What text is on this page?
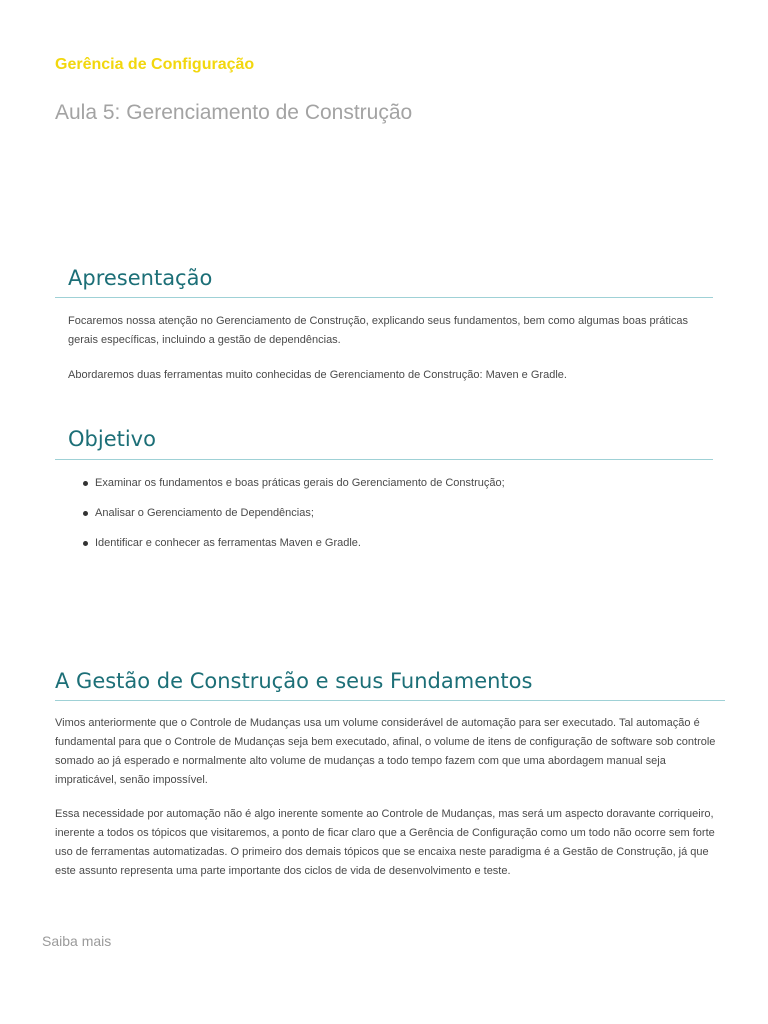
Gerência de Configuração
Aula 5: Gerenciamento de Construção
Apresentação

Focaremos nossa atenção no Gerenciamento de Construção, explicando seus fundamentos, bem como algumas boas práticas gerais específicas, incluindo a gestão de dependências.

Abordaremos duas ferramentas muito conhecidas de Gerenciamento de Construção: Maven e Gradle.

Objetivo
Examinar os fundamentos e boas práticas gerais do Gerenciamento de Construção;
Analisar o Gerenciamento de Dependências;
Identificar e conhecer as ferramentas Maven e Gradle.
A Gestão de Construção e seus Fundamentos

Vimos anteriormente que o Controle de Mudanças usa um volume considerável de automação para ser executado. Tal automação é fundamental para que o Controle de Mudanças seja bem executado, afinal, o volume de itens de configuração de software sob controle somado ao já esperado e normalmente alto volume de mudanças a todo tempo fazem com que uma abordagem manual seja impraticável, senão impossível.

Essa necessidade por automação não é algo inerente somente ao Controle de Mudanças, mas será um aspecto doravante corriqueiro, inerente a todos os tópicos que visitaremos, a ponto de ficar claro que a Gerência de Configuração como um todo não ocorre sem forte uso de ferramentas automatizadas. O primeiro dos demais tópicos que se encaixa neste paradigma é a Gestão de Construção, já que este assunto representa uma parte importante dos ciclos de vida de desenvolvimento e teste.

Saiba mais
